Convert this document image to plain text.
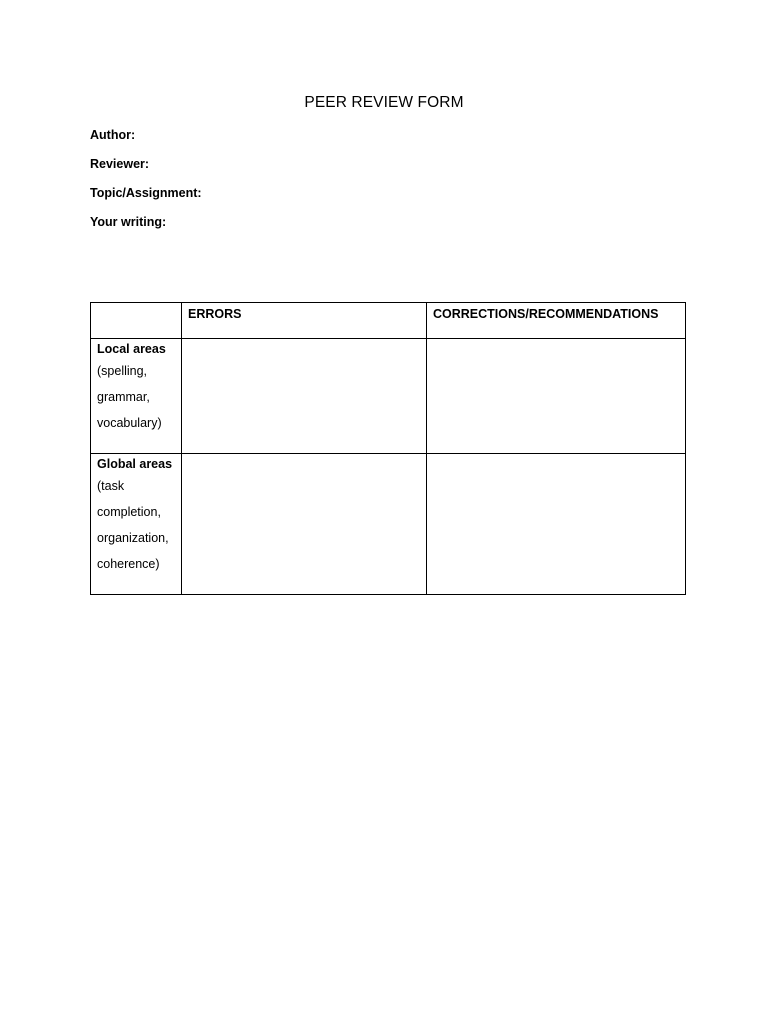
PEER REVIEW FORM

Author:

Reviewer:

Topic/Assignment:

Your writing:

	ERRORS	CORRECTIONS/RECOMMENDATIONS

Local areas
(spelling,
grammar,
vocabulary)		

Global areas
(task
completion,
organization,
coherence)		
